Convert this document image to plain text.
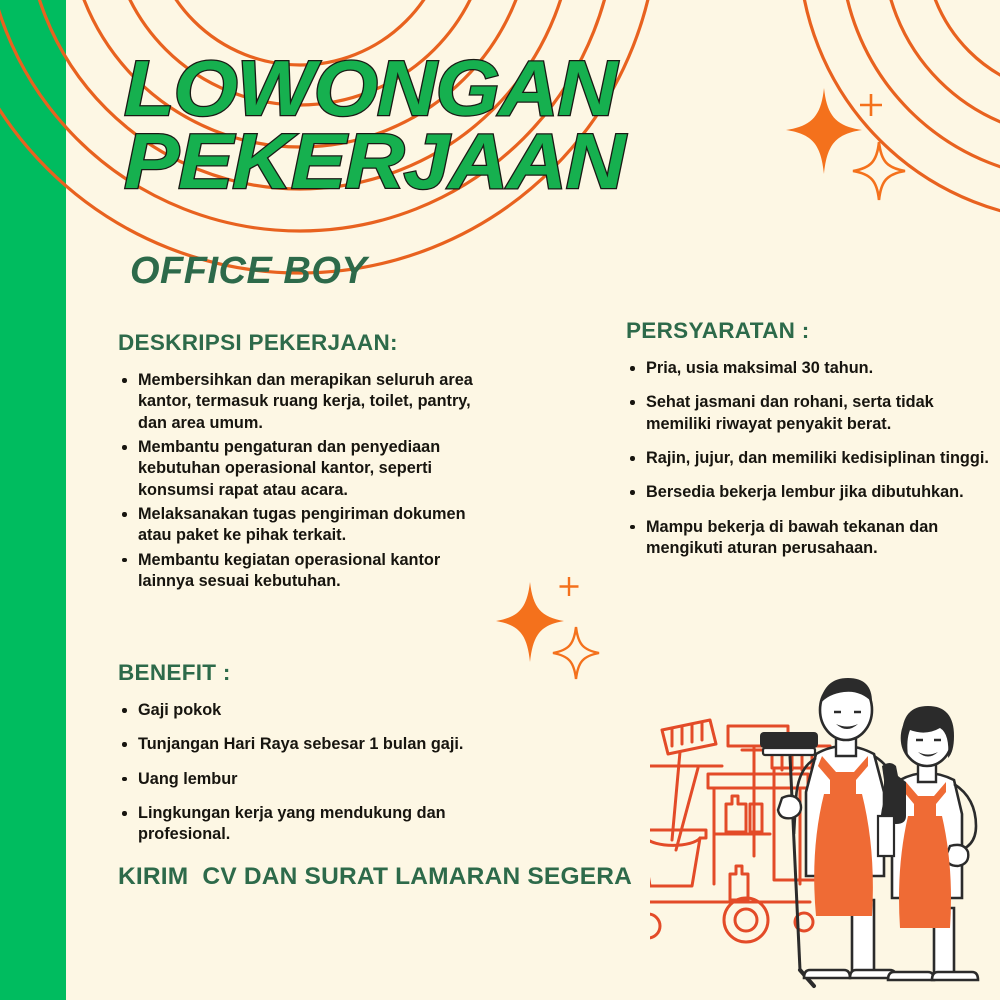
LOWONGAN
PEKERJAAN
OFFICE BOY
DESKRIPSI PEKERJAAN:
Membersihkan dan merapikan seluruh area kantor, termasuk ruang kerja, toilet, pantry, dan area umum.
Membantu pengaturan dan penyediaan kebutuhan operasional kantor, seperti konsumsi rapat atau acara.
Melaksanakan tugas pengiriman dokumen atau paket ke pihak terkait.
Membantu kegiatan operasional kantor lainnya sesuai kebutuhan.
PERSYARATAN :
Pria, usia maksimal 30 tahun.
Sehat jasmani dan rohani, serta tidak memiliki riwayat penyakit berat.
Rajin, jujur, dan memiliki kedisiplinan tinggi.
Bersedia bekerja lembur jika dibutuhkan.
Mampu bekerja di bawah tekanan dan mengikuti aturan perusahaan.
BENEFIT :
Gaji pokok
Tunjangan Hari Raya sebesar 1 bulan gaji.
Uang lembur
Lingkungan kerja yang mendukung dan profesional.
KIRIM  CV DAN SURAT LAMARAN SEGERA
